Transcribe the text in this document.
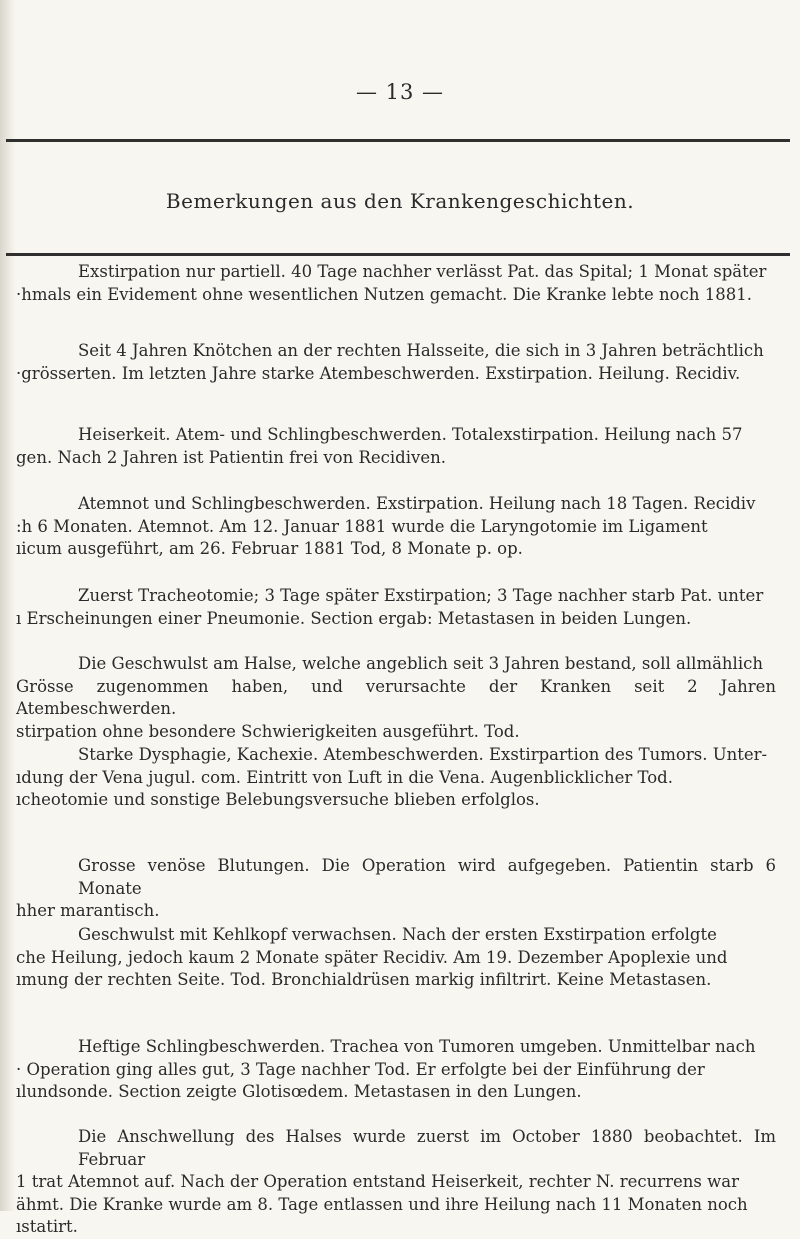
— 13 —
Bemerkungen aus den Krankengeschichten.
Exstirpation nur partiell. 40 Tage nachher verlässt Pat. das Spital; 1 Monat später
·hmals ein Evidement ohne wesentlichen Nutzen gemacht. Die Kranke lebte noch 1881.
Seit 4 Jahren Knötchen an der rechten Halsseite, die sich in 3 Jahren beträchtlich
·grösserten. Im letzten Jahre starke Atembeschwerden. Exstirpation. Heilung. Recidiv.
Heiserkeit. Atem- und Schlingbeschwerden. Totalexstirpation. Heilung nach 57
gen. Nach 2 Jahren ist Patientin frei von Recidiven.
Atemnot und Schlingbeschwerden. Exstirpation. Heilung nach 18 Tagen. Recidiv
:h 6 Monaten. Atemnot. Am 12. Januar 1881 wurde die Laryngotomie im Ligament
ıicum ausgeführt, am 26. Februar 1881 Tod, 8 Monate p. op.
Zuerst Tracheotomie; 3 Tage später Exstirpation; 3 Tage nachher starb Pat. unter
ı Erscheinungen einer Pneumonie. Section ergab: Metastasen in beiden Lungen.
Die Geschwulst am Halse, welche angeblich seit 3 Jahren bestand, soll allmählich
Grösse zugenommen haben, und verursachte der Kranken seit 2 Jahren Atembeschwerden.
stirpation ohne besondere Schwierigkeiten ausgeführt. Tod.
Starke Dysphagie, Kachexie. Atembeschwerden. Exstirpartion des Tumors. Unter-
ıdung der Vena jugul. com. Eintritt von Luft in die Vena. Augenblicklicher Tod.
ıcheotomie und sonstige Belebungsversuche blieben erfolglos.
Grosse venöse Blutungen. Die Operation wird aufgegeben. Patientin starb 6 Monate
hher marantisch.
Geschwulst mit Kehlkopf verwachsen. Nach der ersten Exstirpation erfolgte
che Heilung, jedoch kaum 2 Monate später Recidiv. Am 19. Dezember Apoplexie und
ımung der rechten Seite. Tod. Bronchialdrüsen markig infiltrirt. Keine Metastasen.
Heftige Schlingbeschwerden. Trachea von Tumoren umgeben. Unmittelbar nach
· Operation ging alles gut, 3 Tage nachher Tod. Er erfolgte bei der Einführung der
ılundsonde. Section zeigte Glotisœdem. Metastasen in den Lungen.
Die Anschwellung des Halses wurde zuerst im October 1880 beobachtet. Im Februar
1 trat Atemnot auf. Nach der Operation entstand Heiserkeit, rechter N. recurrens war
ähmt. Die Kranke wurde am 8. Tage entlassen und ihre Heilung nach 11 Monaten noch
ıstatirt.
